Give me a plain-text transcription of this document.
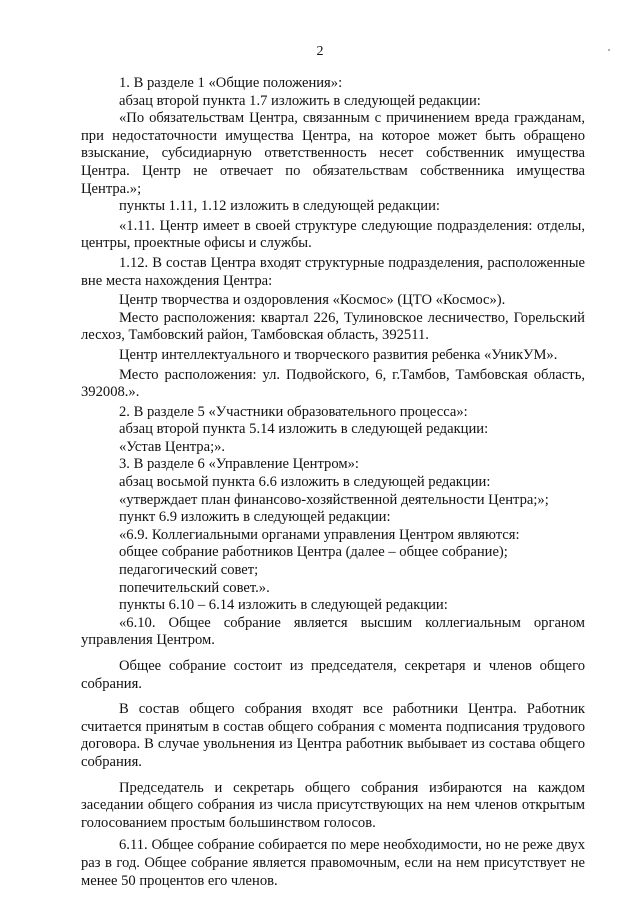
2

1. В разделе 1 «Общие положения»:

абзац второй пункта 1.7 изложить в следующей редакции:

«По обязательствам Центра, связанным с причинением вреда гражданам, при недостаточности имущества Центра, на которое может быть обращено взыскание, субсидиарную ответственность несет собственник имущества Центра. Центр не отвечает по обязательствам собственника имущества Центра.»;

пункты 1.11, 1.12 изложить в следующей редакции:

«1.11. Центр имеет в своей структуре следующие подразделения: отделы, центры, проектные офисы и службы.

1.12. В состав Центра входят структурные подразделения, расположенные вне места нахождения Центра:

Центр творчества и оздоровления «Космос» (ЦТО «Космос»).

Место расположения: квартал 226, Тулиновское лесничество, Горельский лесхоз, Тамбовский район, Тамбовская область, 392511.

Центр интеллектуального и творческого развития ребенка «УникУМ».

Место расположения: ул. Подвойского, 6, г.Тамбов, Тамбовская область, 392008.».

2. В разделе 5 «Участники образовательного процесса»:

абзац второй пункта 5.14 изложить в следующей редакции:

«Устав Центра;».

3. В разделе 6 «Управление Центром»:

абзац восьмой пункта 6.6 изложить в следующей редакции:

«утверждает план финансово-хозяйственной деятельности Центра;»;

пункт 6.9 изложить в следующей редакции:

«6.9. Коллегиальными органами управления Центром являются:

общее собрание работников Центра (далее – общее собрание);

педагогический совет;

попечительский совет.».

пункты 6.10 – 6.14 изложить в следующей редакции:

«6.10. Общее собрание является высшим коллегиальным органом управления Центром.

Общее собрание состоит из председателя, секретаря и членов общего собрания.

В состав общего собрания входят все работники Центра. Работник считается принятым в состав общего собрания с момента подписания трудового договора. В случае увольнения из Центра работник выбывает из состава общего собрания.

Председатель и секретарь общего собрания избираются на каждом заседании общего собрания из числа присутствующих на нем членов открытым голосованием простым большинством голосов.

6.11. Общее собрание собирается по мере необходимости, но не реже двух раз в год. Общее собрание является правомочным, если на нем присутствует не менее 50 процентов его членов.
